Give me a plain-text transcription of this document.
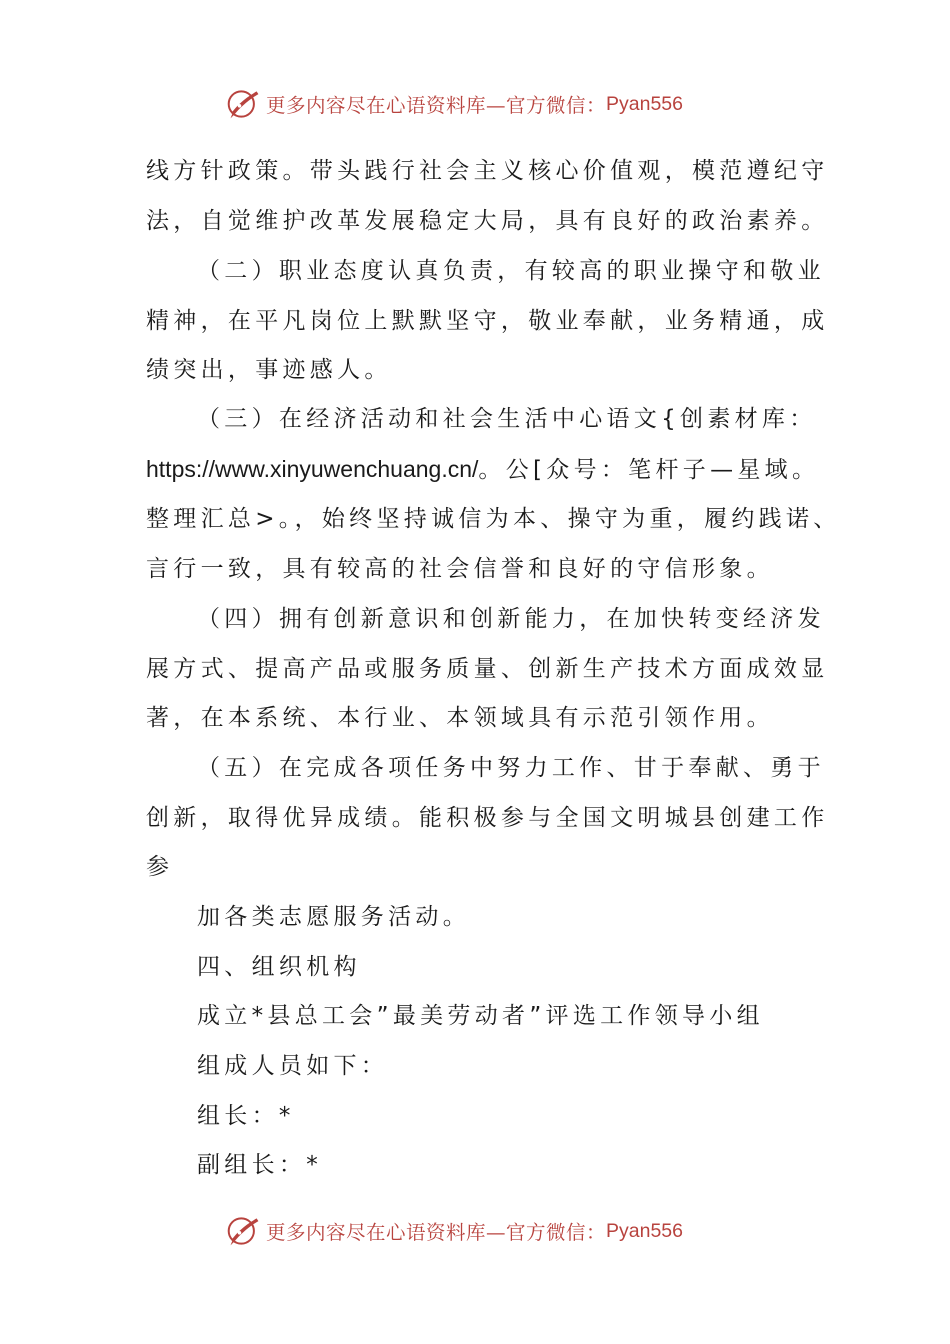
更多内容尽在心语资料库—官方微信： Pyan556
线方针政策。带头践行社会主义核心价值观，模范遵纪守
法，自觉维护改革发展稳定大局，具有良好的政治素养。
（二）职业态度认真负责，有较高的职业操守和敬业
精神，在平凡岗位上默默坚守，敬业奉献，业务精通，成
绩突出，事迹感人。
（三）在经济活动和社会生活中心语文{创素材库：
https://www.xinyuwenchuang.cn/。公[众号：笔杆子—星域。
整理汇总>。，始终坚持诚信为本、操守为重，履约践诺、
言行一致，具有较高的社会信誉和良好的守信形象。
（四）拥有创新意识和创新能力，在加快转变经济发
展方式、提高产品或服务质量、创新生产技术方面成效显
著，在本系统、本行业、本领域具有示范引领作用。
（五）在完成各项任务中努力工作、甘于奉献、勇于
创新，取得优异成绩。能积极参与全国文明城县创建工作
参
加各类志愿服务活动。
四、组织机构
成立*县总工会”最美劳动者”评选工作领导小组
组成人员如下：
组长：*
副组长：*
更多内容尽在心语资料库—官方微信： Pyan556
